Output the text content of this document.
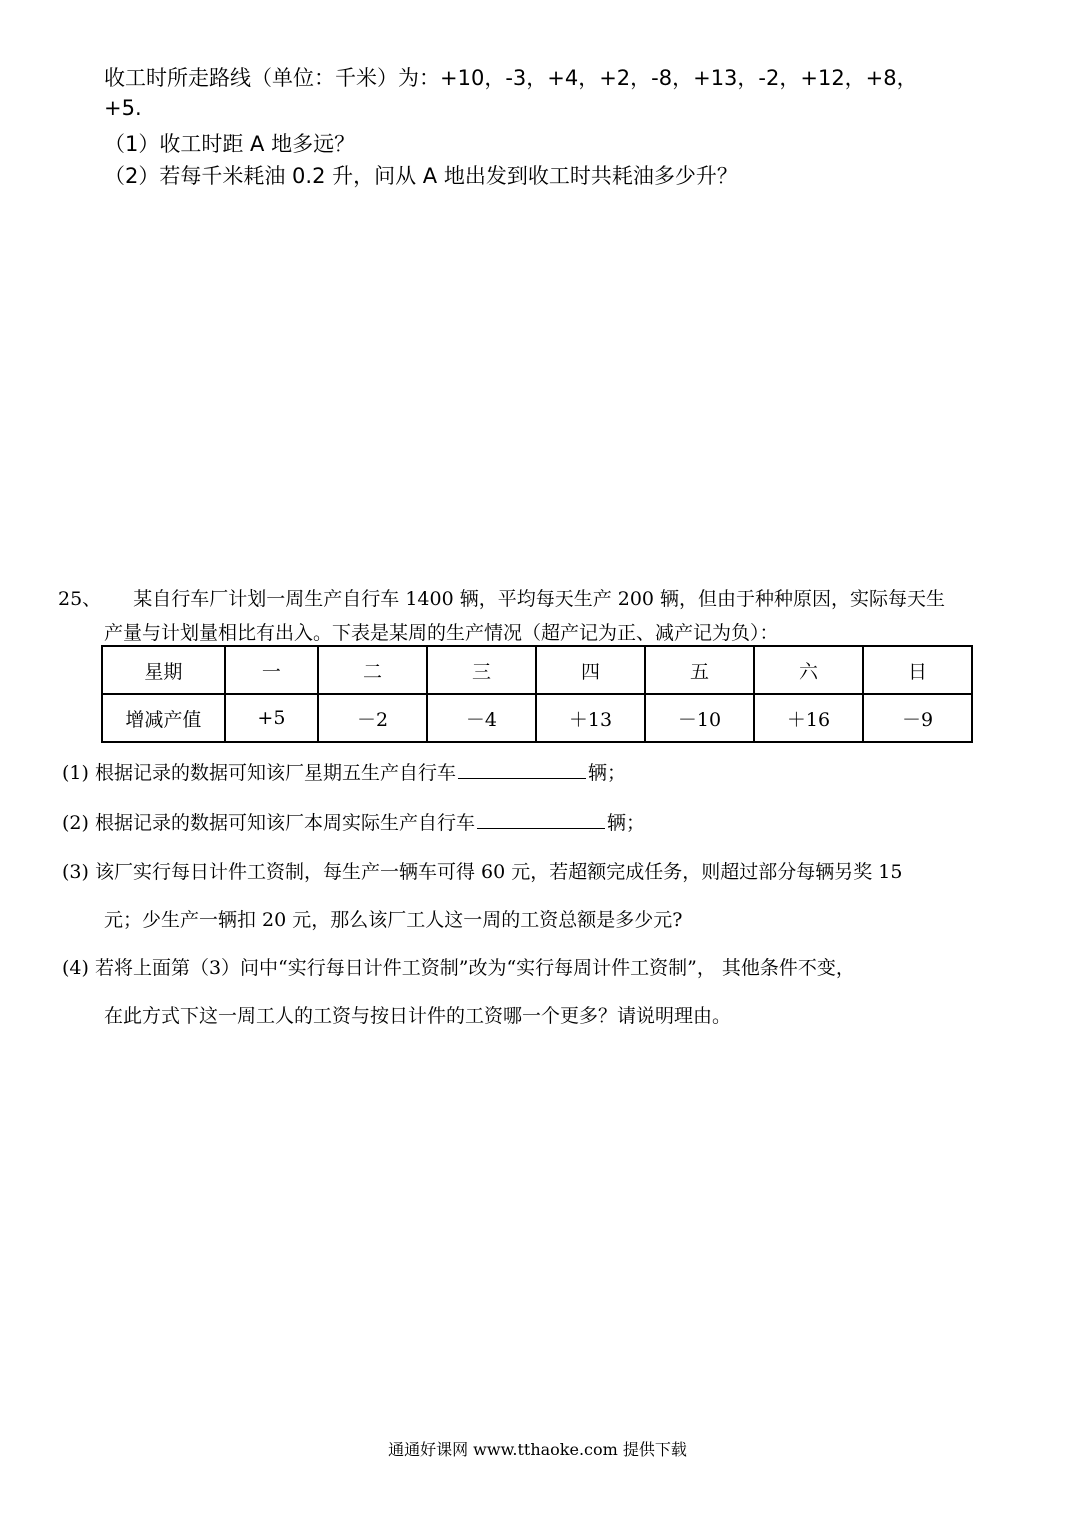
收工时所走路线（单位：千米）为：+10，-3，+4，+2，-8，+13，-2，+12，+8，
+5.
（1）收工时距 A 地多远？
（2）若每千米耗油 0.2 升，问从 A 地出发到收工时共耗油多少升？
25、 某自行车厂计划一周生产自行车 1400 辆，平均每天生产 200 辆，但由于种种原因，实际每天生
产量与计划量相比有出入。下表是某周的生产情况（超产记为正、减产记为负）：
星期	一	二	三	四	五	六	日
增减产值	+5	－2	－4	＋13	－10	＋16	－9
(1) 根据记录的数据可知该厂星期五生产自行车	辆；
(2) 根据记录的数据可知该厂本周实际生产自行车	辆；
(3) 该厂实行每日计件工资制，每生产一辆车可得 60 元，若超额完成任务，则超过部分每辆另奖 15
元；少生产一辆扣 20 元，那么该厂工人这一周的工资总额是多少元?
(4) 若将上面第（3）问中“实行每日计件工资制”改为“实行每周计件工资制”， 其他条件不变，
在此方式下这一周工人的工资与按日计件的工资哪一个更多？请说明理由。
通通好课网 www.tthaoke.com 提供下载
